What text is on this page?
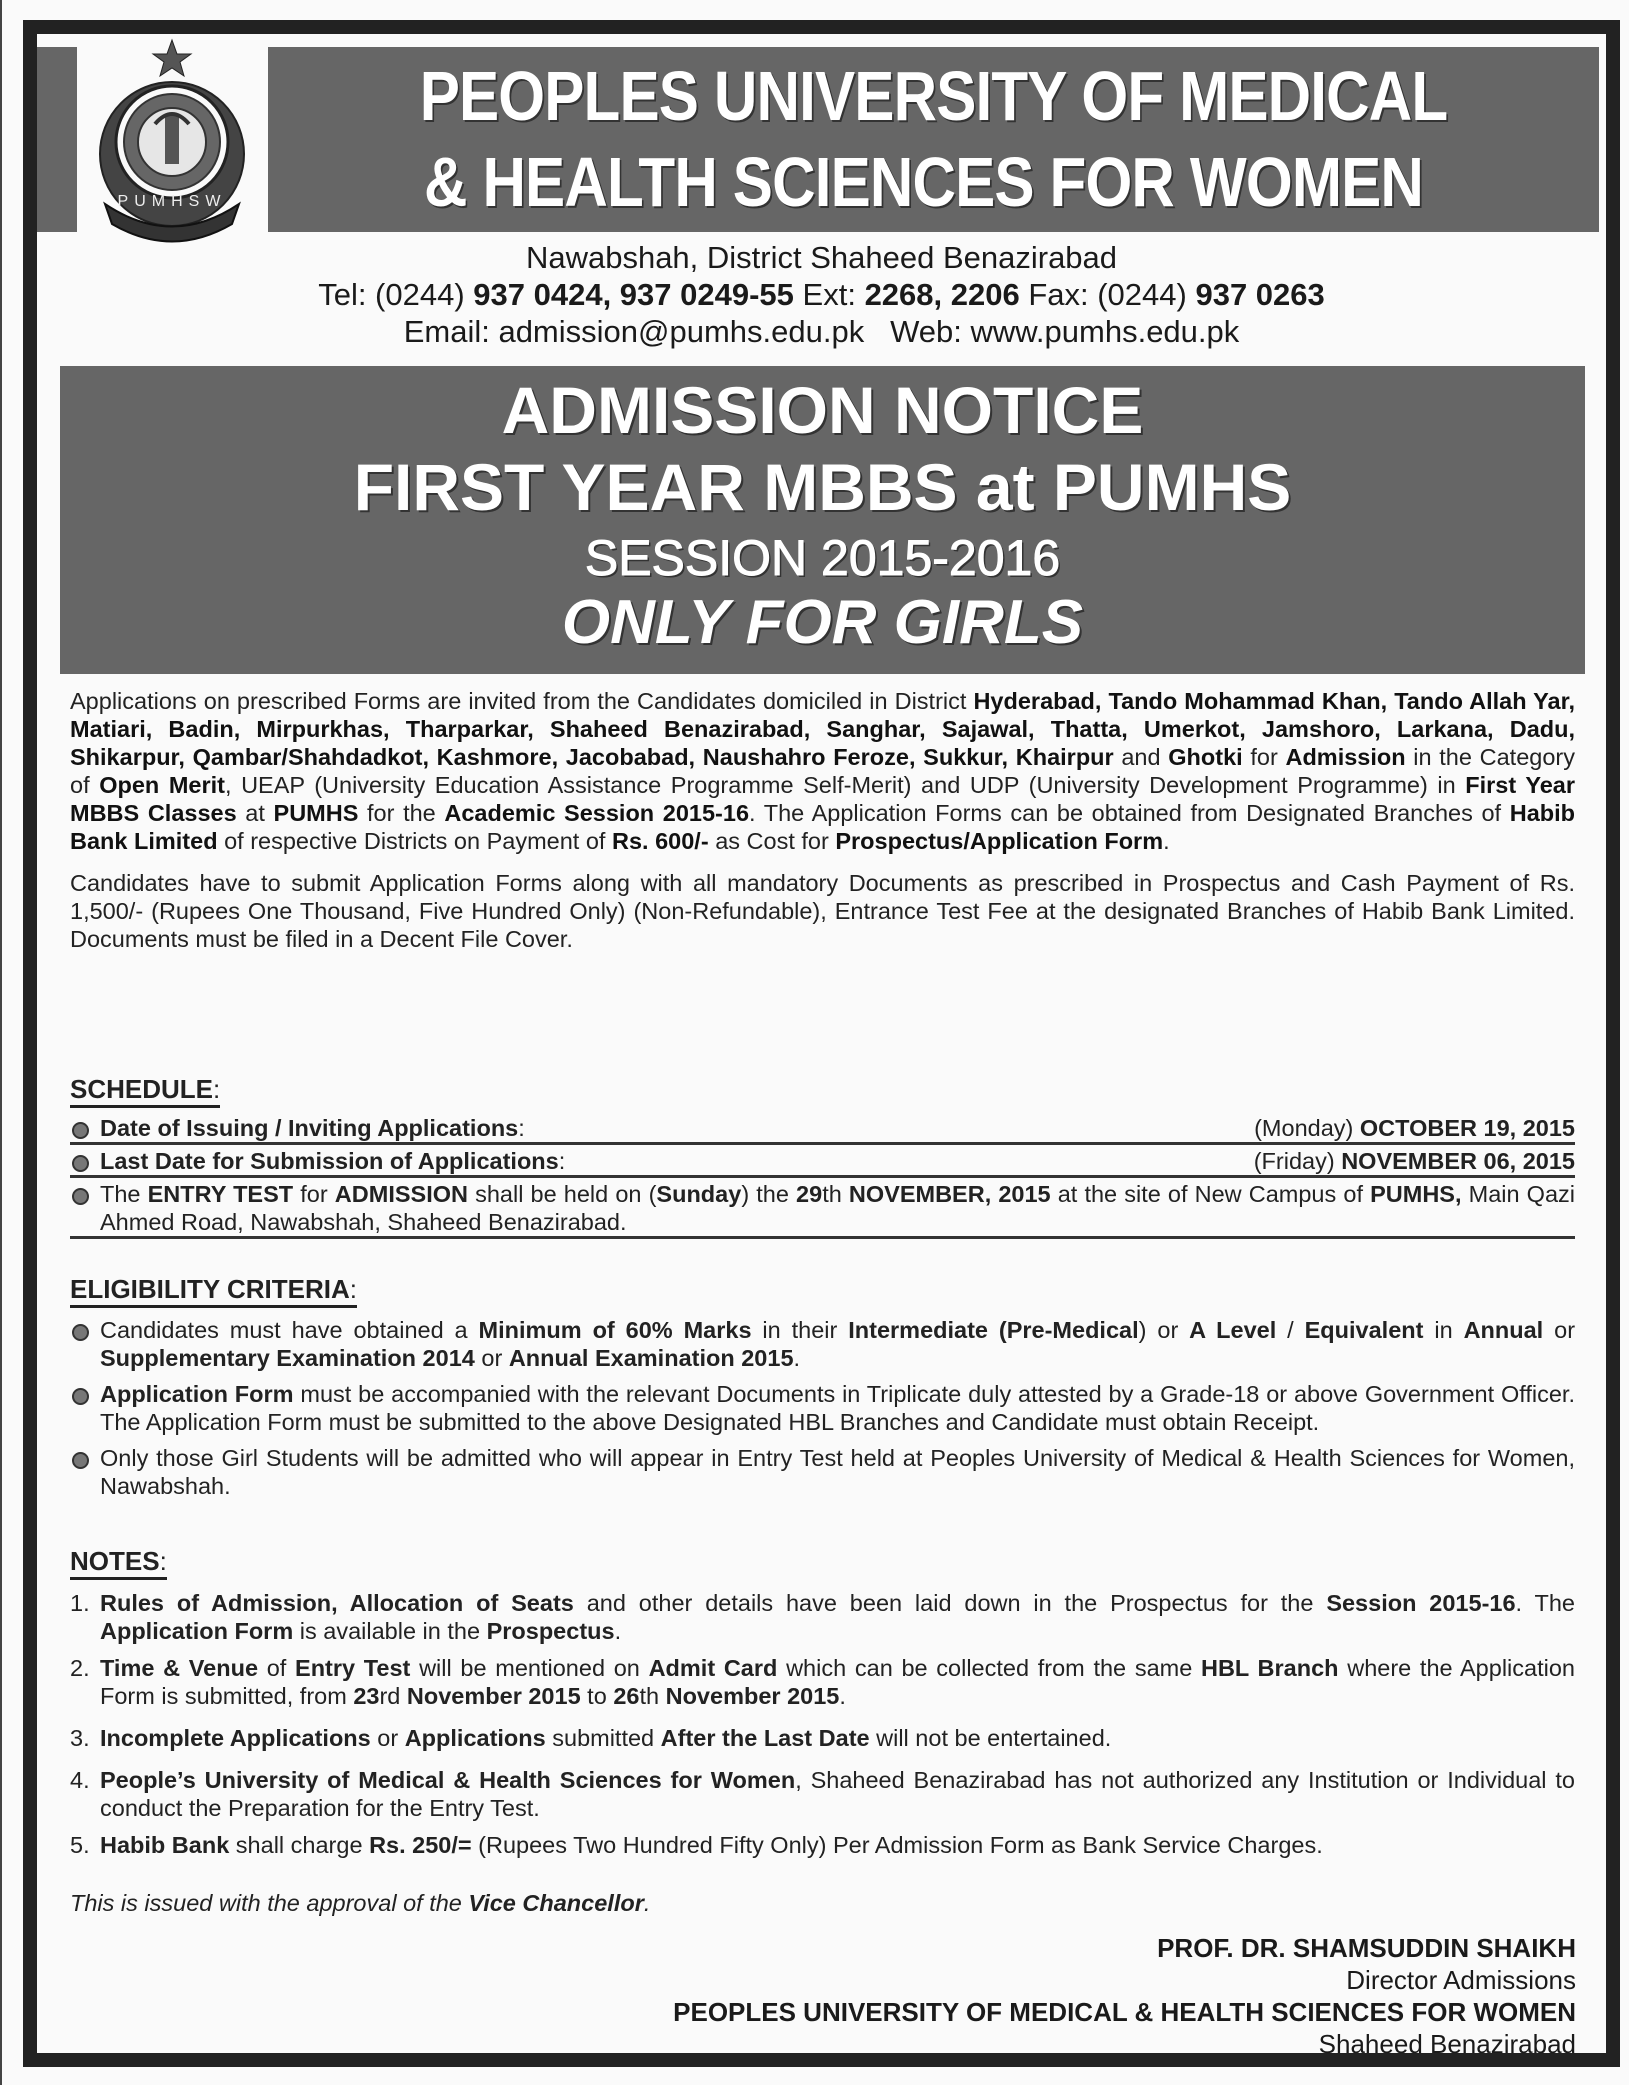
PUMHSW
PEOPLES UNIVERSITY OF MEDICAL
& HEALTH SCIENCES FOR WOMEN
Nawabshah, District Shaheed Benazirabad
Tel: (0244) 937 0424, 937 0249-55 Ext: 2268, 2206 Fax: (0244) 937 0263
Email: admission@pumhs.edu.pk Web: www.pumhs.edu.pk
ADMISSION NOTICE
FIRST YEAR MBBS at PUMHS
SESSION 2015-2016
ONLY FOR GIRLS

Applications on prescribed Forms are invited from the Candidates domiciled in District Hyderabad, Tando Mohammad Khan, Tando Allah Yar, Matiari, Badin, Mirpurkhas, Tharparkar, Shaheed Benazirabad, Sanghar, Sajawal, Thatta, Umerkot, Jamshoro, Larkana, Dadu, Shikarpur, Qambar/Shahdadkot, Kashmore, Jacobabad, Naushahro Feroze, Sukkur, Khairpur and Ghotki for Admission in the Category of Open Merit, UEAP (University Education Assistance Programme Self-Merit) and UDP (University Development Programme) in First Year MBBS Classes at PUMHS for the Academic Session 2015-16. The Application Forms can be obtained from Designated Branches of Habib Bank Limited of respective Districts on Payment of Rs. 600/- as Cost for Prospectus/Application Form.

Candidates have to submit Application Forms along with all mandatory Documents as prescribed in Prospectus and Cash Payment of Rs. 1,500/- (Rupees One Thousand, Five Hundred Only) (Non-Refundable), Entrance Test Fee at the designated Branches of Habib Bank Limited. Documents must be filed in a Decent File Cover.

SCHEDULE:
Date of Issuing / Inviting Applications:	(Monday) OCTOBER 19, 2015
Last Date for Submission of Applications:	(Friday) NOVEMBER 06, 2015
The ENTRY TEST for ADMISSION shall be held on (Sunday) the 29th NOVEMBER, 2015 at the site of New Campus of PUMHS, Main Qazi Ahmed Road, Nawabshah, Shaheed Benazirabad.
ELIGIBILITY CRITERIA:
Candidates must have obtained a Minimum of 60% Marks in their Intermediate (Pre-Medical) or A Level / Equivalent in Annual or Supplementary Examination 2014 or Annual Examination 2015.
Application Form must be accompanied with the relevant Documents in Triplicate duly attested by a Grade-18 or above Government Officer. The Application Form must be submitted to the above Designated HBL Branches and Candidate must obtain Receipt.
Only those Girl Students will be admitted who will appear in Entry Test held at Peoples University of Medical & Health Sciences for Women, Nawabshah.
NOTES:
1. Rules of Admission, Allocation of Seats and other details have been laid down in the Prospectus for the Session 2015-16. The Application Form is available in the Prospectus.
2. Time & Venue of Entry Test will be mentioned on Admit Card which can be collected from the same HBL Branch where the Application Form is submitted, from 23rd November 2015 to 26th November 2015.
3. Incomplete Applications or Applications submitted After the Last Date will not be entertained.
4. People’s University of Medical & Health Sciences for Women, Shaheed Benazirabad has not authorized any Institution or Individual to conduct the Preparation for the Entry Test.
5. Habib Bank shall charge Rs. 250/= (Rupees Two Hundred Fifty Only) Per Admission Form as Bank Service Charges.
This is issued with the approval of the Vice Chancellor.
PROF. DR. SHAMSUDDIN SHAIKH
Director Admissions
PEOPLES UNIVERSITY OF MEDICAL & HEALTH SCIENCES FOR WOMEN
Shaheed Benazirabad
